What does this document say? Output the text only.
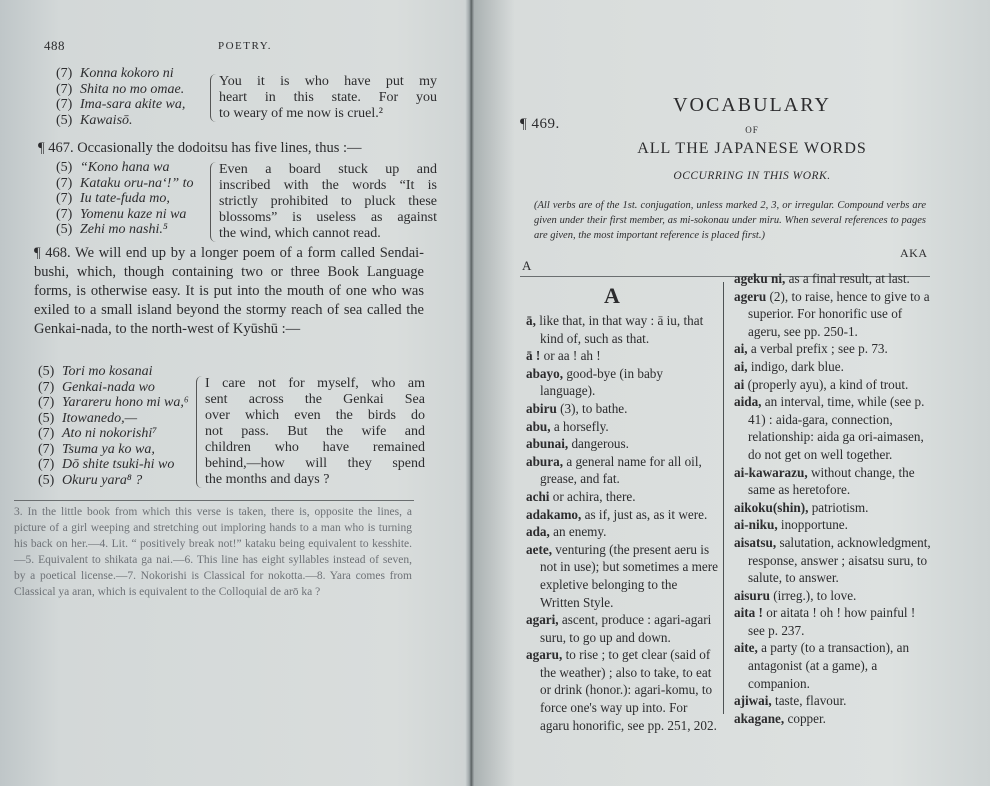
488	POETRY.
(7) Konna kokoro ni
(7) Shita no mo omae.
(7) Ima-sara akite wa,
(5) Kawaisō.
You it is who have put my
heart in this state. For you
to weary of me now is cruel.²
¶ 467. Occasionally the dodoitsu has five lines, thus :—
(5) “Kono hana wa
(7) Kataku oru-na‘!” to
(7) Iu tate-fuda mo,
(7) Yomenu kaze ni wa
(5) Zehi mo nashi.⁵
Even a board stuck up and
inscribed with the words “It is
strictly prohibited to pluck these
blossoms” is useless as against
the wind, which cannot read.
¶ 468. We will end up by a longer poem of a form called Sendai-bushi, which, though containing two or three Book Language forms, is otherwise easy. It is put into the mouth of one who was exiled to a small island beyond the stormy reach of sea called the Genkai-nada, to the north-west of Kyūshū :—
(5) Tori mo kosanai
(7) Genkai-nada wo
(7) Yarareru hono mi wa,⁶
(5) Itowanedo,—
(7) Ato ni nokorishi⁷
(7) Tsuma ya ko wa,
(7) Dō shite tsuki-hi wo
(5) Okuru yara⁸ ?
I care not for myself, who am
sent across the Genkai Sea
over which even the birds do
not pass. But the wife and
children who have remained
behind,—how will they spend
the months and days ?
3. In the little book from which this verse is taken, there is, opposite the lines, a picture of a girl weeping and stretching out imploring hands to a man who is turning his back on her.—4. Lit. “ positively break not!” kataku being equivalent to kesshite.—5. Equivalent to shikata ga nai.—6. This line has eight syllables instead of seven, by a poetical license.—7. Nokorishi is Classical for nokotta.—8. Yara comes from Classical ya aran, which is equivalent to the Colloquial de arō ka ?
¶ 469.
VOCABULARY
OF
ALL THE JAPANESE WORDS
OCCURRING IN THIS WORK.
(All verbs are of the 1st. conjugation, unless marked 2, 3, or irregular. Compound verbs are given under their first member, as mi-sokonau under miru. When several references to pages are given, the most important reference is placed first.)
A
AKA
A
ā, like that, in that way : ā iu, that kind of, such as that.
ā ! or aa ! ah !
abayo, good-bye (in baby language).
abiru (3), to bathe.
abu, a horsefly.
abunai, dangerous.
abura, a general name for all oil, grease, and fat.
achi or achira, there.
adakamo, as if, just as, as it were.
ada, an enemy.
aete, venturing (the present aeru is not in use); but sometimes a mere expletive belonging to the Written Style.
agari, ascent, produce : agari-agari suru, to go up and down.
agaru, to rise ; to get clear (said of the weather) ; also to take, to eat or drink (honor.): agari-komu, to force one's way up into. For agaru honorific, see pp. 251, 202.
ageku ni, as a final result, at last.
ageru (2), to raise, hence to give to a superior. For honorific use of ageru, see pp. 250-1.
ai, a verbal prefix ; see p. 73.
ai, indigo, dark blue.
ai (properly ayu), a kind of trout.
aida, an interval, time, while (see p. 41) : aida-gara, connection, relationship: aida ga ori-aimasen, do not get on well together.
ai-kawarazu, without change, the same as heretofore.
aikoku(shin), patriotism.
ai-niku, inopportune.
aisatsu, salutation, acknowledgment, response, answer ; aisatsu suru, to salute, to answer.
aisuru (irreg.), to love.
aita ! or aitata ! oh ! how painful ! see p. 237.
aite, a party (to a transaction), an antagonist (at a game), a companion.
ajiwai, taste, flavour.
akagane, copper.
